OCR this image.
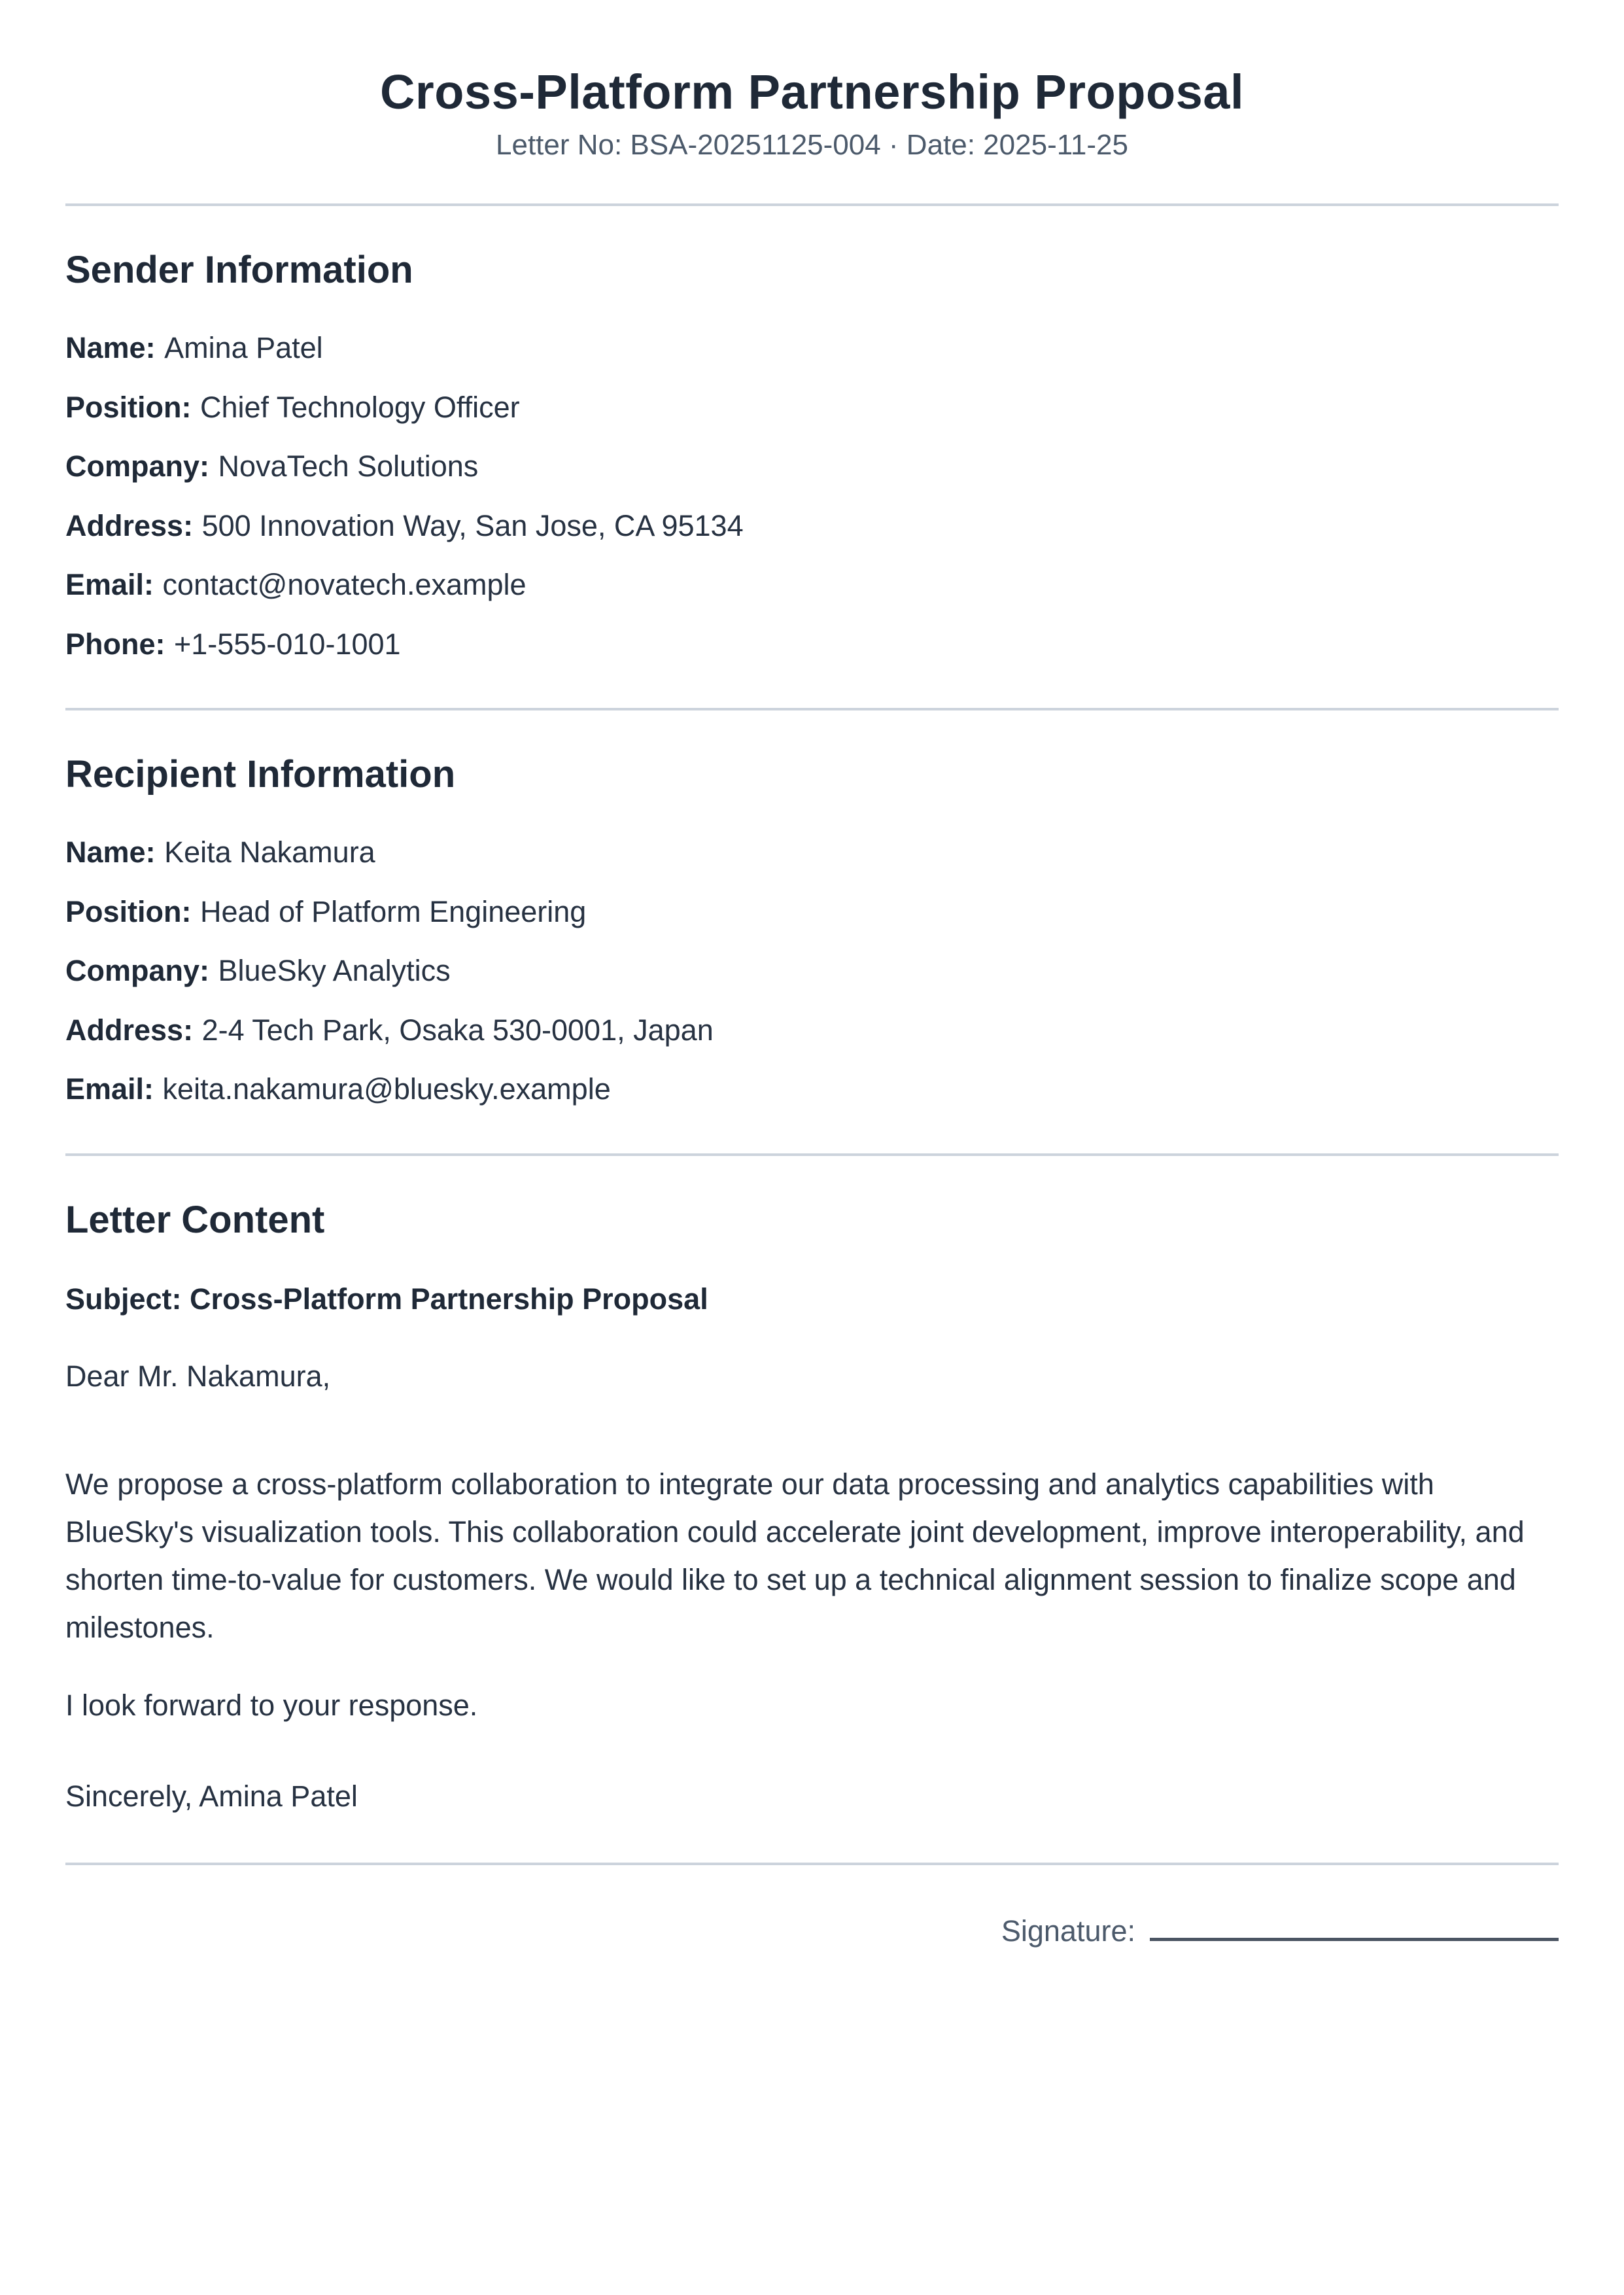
Cross-Platform Partnership Proposal
Letter No: BSA-20251125-004 · Date: 2025-11-25
Sender Information

Name: Amina Patel

Position: Chief Technology Officer

Company: NovaTech Solutions

Address: 500 Innovation Way, San Jose, CA 95134

Email: contact@novatech.example

Phone: +1-555-010-1001

Recipient Information

Name: Keita Nakamura

Position: Head of Platform Engineering

Company: BlueSky Analytics

Address: 2-4 Tech Park, Osaka 530-0001, Japan

Email: keita.nakamura@bluesky.example

Letter Content

Subject: Cross-Platform Partnership Proposal

Dear Mr. Nakamura,

We propose a cross-platform collaboration to integrate our data processing and analytics capabilities with BlueSky's visualization tools. This collaboration could accelerate joint development, improve interoperability, and shorten time-to-value for customers. We would like to set up a technical alignment session to finalize scope and milestones.

I look forward to your response.

Sincerely, Amina Patel

Signature:
